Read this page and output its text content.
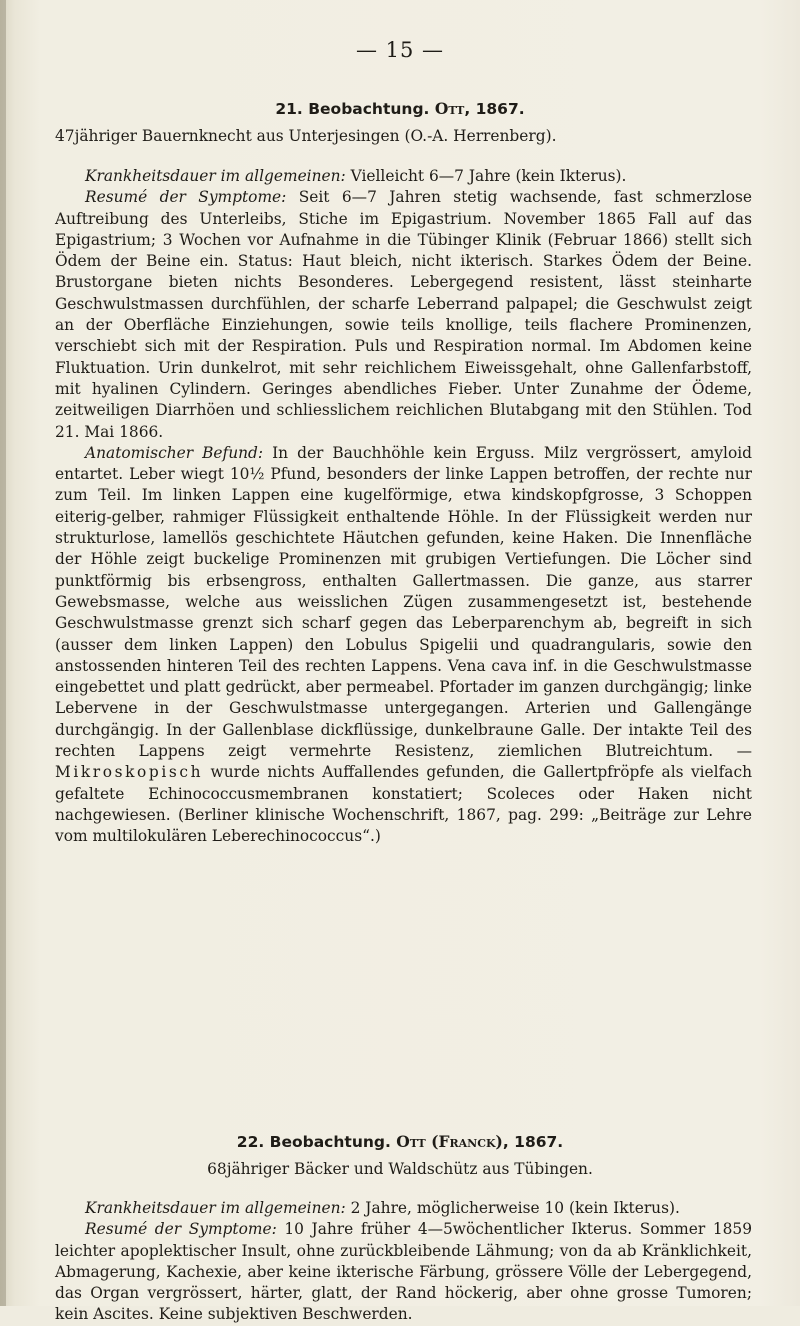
— 15 —
21. Beobachtung. Ott, 1867.
47jähriger Bauernknecht aus Unterjesingen (O.-A. Herrenberg).

Krankheitsdauer im allgemeinen: Vielleicht 6—7 Jahre (kein Ikterus).

Resumé der Symptome: Seit 6—7 Jahren stetig wachsende, fast schmerzlose Auftreibung des Unterleibs, Stiche im Epigastrium. November 1865 Fall auf das Epigastrium; 3 Wochen vor Aufnahme in die Tübinger Klinik (Februar 1866) stellt sich Ödem der Beine ein. Status: Haut bleich, nicht ikterisch. Starkes Ödem der Beine. Brustorgane bieten nichts Besonderes. Lebergegend resistent, lässt steinharte Geschwulstmassen durchfühlen, der scharfe Leberrand palpapel; die Geschwulst zeigt an der Oberfläche Einziehungen, sowie teils knollige, teils flachere Prominenzen, verschiebt sich mit der Respiration. Puls und Respiration normal. Im Abdomen keine Fluktuation. Urin dunkelrot, mit sehr reichlichem Eiweissgehalt, ohne Gallenfarbstoff, mit hyalinen Cylindern. Geringes abendliches Fieber. Unter Zunahme der Ödeme, zeitweiligen Diarrhöen und schliesslichem reichlichen Blutabgang mit den Stühlen. Tod 21. Mai 1866.

Anatomischer Befund: In der Bauchhöhle kein Erguss. Milz vergrössert, amyloid entartet. Leber wiegt 10½ Pfund, besonders der linke Lappen betroffen, der rechte nur zum Teil. Im linken Lappen eine kugelförmige, etwa kindskopfgrosse, 3 Schoppen eiterig-gelber, rahmiger Flüssigkeit enthaltende Höhle. In der Flüssigkeit werden nur strukturlose, lamellös geschichtete Häutchen gefunden, keine Haken. Die Innenfläche der Höhle zeigt buckelige Prominenzen mit grubigen Vertiefungen. Die Löcher sind punktförmig bis erbsengross, enthalten Gallertmassen. Die ganze, aus starrer Gewebsmasse, welche aus weisslichen Zügen zusammengesetzt ist, bestehende Geschwulstmasse grenzt sich scharf gegen das Leberparenchym ab, begreift in sich (ausser dem linken Lappen) den Lobulus Spigelii und quadrangularis, sowie den anstossenden hinteren Teil des rechten Lappens. Vena cava inf. in die Geschwulstmasse eingebettet und platt gedrückt, aber permeabel. Pfortader im ganzen durchgängig; linke Lebervene in der Geschwulstmasse untergegangen. Arterien und Gallengänge durchgängig. In der Gallenblase dickflüssige, dunkelbraune Galle. Der intakte Teil des rechten Lappens zeigt vermehrte Resistenz, ziemlichen Blutreichtum. — Mikroskopisch wurde nichts Auffallendes gefunden, die Gallertpfröpfe als vielfach gefaltete Echinococcusmembranen konstatiert; Scoleces oder Haken nicht nachgewiesen. (Berliner klinische Wochenschrift, 1867, pag. 299: „Beiträge zur Lehre vom multilokulären Leberechinococcus“.)

22. Beobachtung. Ott (Franck), 1867.
68jähriger Bäcker und Waldschütz aus Tübingen.

Krankheitsdauer im allgemeinen: 2 Jahre, möglicherweise 10 (kein Ikterus).

Resumé der Symptome: 10 Jahre früher 4—5wöchentlicher Ikterus. Sommer 1859 leichter apoplektischer Insult, ohne zurückbleibende Lähmung; von da ab Kränklichkeit, Abmagerung, Kachexie, aber keine ikterische Färbung, grössere Völle der Lebergegend, das Organ vergrössert, härter, glatt, der Rand höckerig, aber ohne grosse Tumoren; kein Ascites. Keine subjektiven Beschwerden.
